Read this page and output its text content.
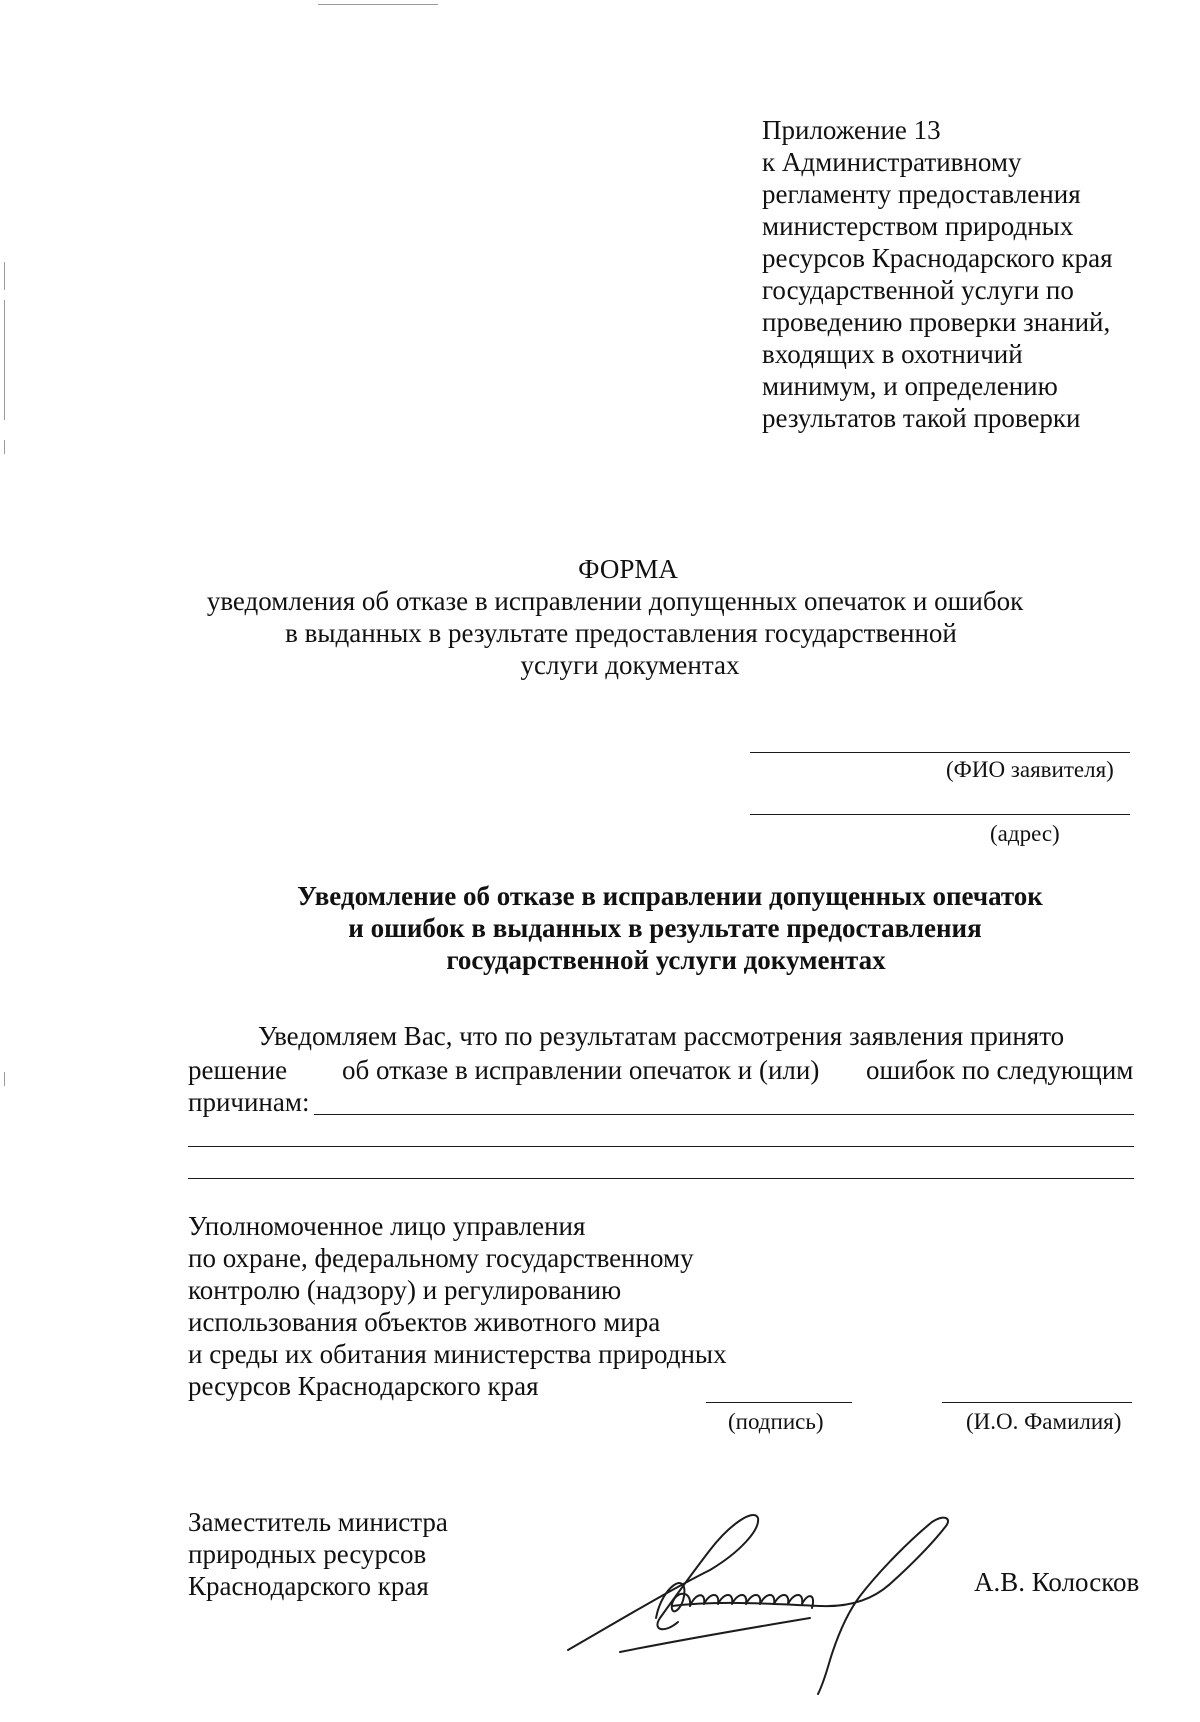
Приложение 13
к Административному
регламенту предоставления
министерством природных
ресурсов Краснодарского края
государственной услуги по
проведению проверки знаний,
входящих в охотничий
минимум, и определению
результатов такой проверки
ФОРМА
уведомления об отказе в исправлении допущенных опечаток и ошибок
в выданных в результате предоставления государственной
услуги документах
(ФИО заявителя)
(адрес)
Уведомление об отказе в исправлении допущенных опечаток
и ошибок в выданных в результате предоставления
государственной услуги документах
Уведомляем Вас, что по результатам рассмотрения заявления принято
решение об отказе в исправлении опечаток и (или) ошибок по следующим
причинам:
Уполномоченное лицо управления
по охране, федеральному государственному
контролю (надзору) и регулированию
использования объектов животного мира
и среды их обитания министерства природных
ресурсов Краснодарского края
(подпись)	(И.О. Фамилия)
Заместитель министра
природных ресурсов
Краснодарского края	А.В. Колосков
